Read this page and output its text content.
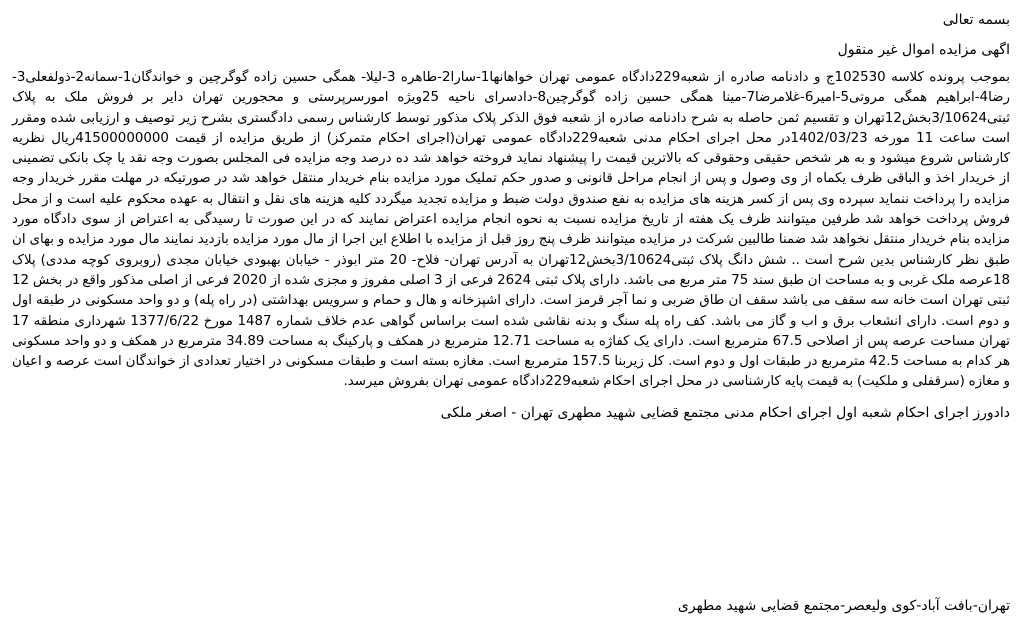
بسمه تعالی

اگهی مزایده اموال غیر منقول

بموجب پرونده کلاسه 102530ج و دادنامه صادره از شعبه229دادگاه عمومی تهران خواهانها1-سارا2-طاهره 3-لیلا- همگی حسین زاده گوگرچین و خواندگان1-سمانه2-ذولفعلی3-رضا4-ابراهیم همگی مروتی5-امیر6-غلامرضا7-مینا همگی حسین زاده گوگرچین8-دادسرای ناحیه 25ویژه امورسرپرستی و محجورین تهران دایر بر فروش ملک به پلاک ثبتی3/10624بخش12تهران و تقسیم ثمن حاصله به شرح دادنامه صادره از شعبه فوق الذکر پلاک مذکور توسط کارشناس رسمی دادگستری بشرح زیر توصیف و ارزیابی شده ومقرر است ساعت 11 مورخه 1402/03/23در محل اجرای احکام مدنی شعبه229دادگاه عمومی تهران(اجرای احکام متمرکز) از طریق مزایده از قیمت 41500000000ریال نظریه کارشناس شروع میشود و به هر شخص حقیقی وحقوقی که بالاترین قیمت را پیشنهاد نماید فروخته خواهد شد ده درصد وجه مزایده فی المجلس بصورت وجه نقد یا چک بانکی تضمینی از خریدار اخذ و الباقی ظرف یکماه از وی وصول و پس از انجام مراحل قانونی و صدور حکم تملیک مورد مزایده بنام خریدار منتقل خواهد شد در صورتیکه در مهلت مقرر خریدار وجه مزایده را پرداخت ننماید سپرده وی پس از کسر هزینه های مزایده به نفع صندوق دولت ضبط و مزایده تجدید میگردد کلیه هزینه های نقل و انتقال به عهده محکوم علیه است و از محل فروش پرداخت خواهد شد طرفین میتوانند ظرف یک هفته از تاریخ مزایده نسبت به نحوه انجام مزایده اعتراض نمایند که در این صورت تا رسیدگی به اعتراض از سوی دادگاه مورد مزایده بنام خریدار منتقل نخواهد شد ضمنا طالبین شرکت در مزایده میتوانند ظرف پنج روز قبل از مزایده با اطلاع این اجرا از مال مورد مزایده بازدید نمایند مال مورد مزایده و بهای ان طبق نظر کارشناس بدین شرح است .. شش دانگ پلاک ثبتی3/10624بخش12تهران به آدرس تهران- فلاح- 20 متر ابوذر - خیابان بهبودی خیابان مجدی (روبروی کوچه مددی) پلاک 18عرصه ملک غربی و به مساحت ان طبق سند 75 متر مربع می باشد. دارای پلاک ثبتی 2624 فرعی از 3 اصلی مفروز و مجزی شده از 2020 فرعی از اصلی مذکور واقع در بخش 12 ثبتی تهران است خانه سه سقف می باشد سقف ان طاق ضربی و نما آجر قرمز است. دارای اشپزخانه و هال و حمام و سرویس بهداشتی (در راه پله) و دو واحد مسکونی در طبقه اول و دوم است. دارای انشعاب برق و اب و گاز می باشد. کف راه پله سنگ و بدنه نقاشی شده است براساس گواهی عدم خلاف شماره 1487 مورخ 1377/6/22 شهرداری منطقه 17 تهران مساحت عرصه پس از اصلاحی 67.5 مترمربع است. دارای یک کفاژه به مساحت 12.71 مترمربع در همکف و پارکینگ به مساحت 34.89 مترمربع در همکف و دو واحد مسکونی هر کدام به مساحت 42.5 مترمربع در طبقات اول و دوم است. کل زیربنا 157.5 مترمربع است. مغازه بسته است و طبقات مسکونی در اختیار تعدادی از خواندگان است عرصه و اعیان و مغازه (سرقفلی و ملکیت) به قیمت پایه کارشناسی در محل اجرای احکام شعبه229دادگاه عمومی تهران بفروش میرسد.

دادورز اجرای احکام شعبه اول اجرای احکام مدنی مجتمع قضایی شهید مطهری تهران - اصغر ملکی

تهران-بافت آباد-کوی ولیعصر-مجتمع قضایی شهید مطهری
